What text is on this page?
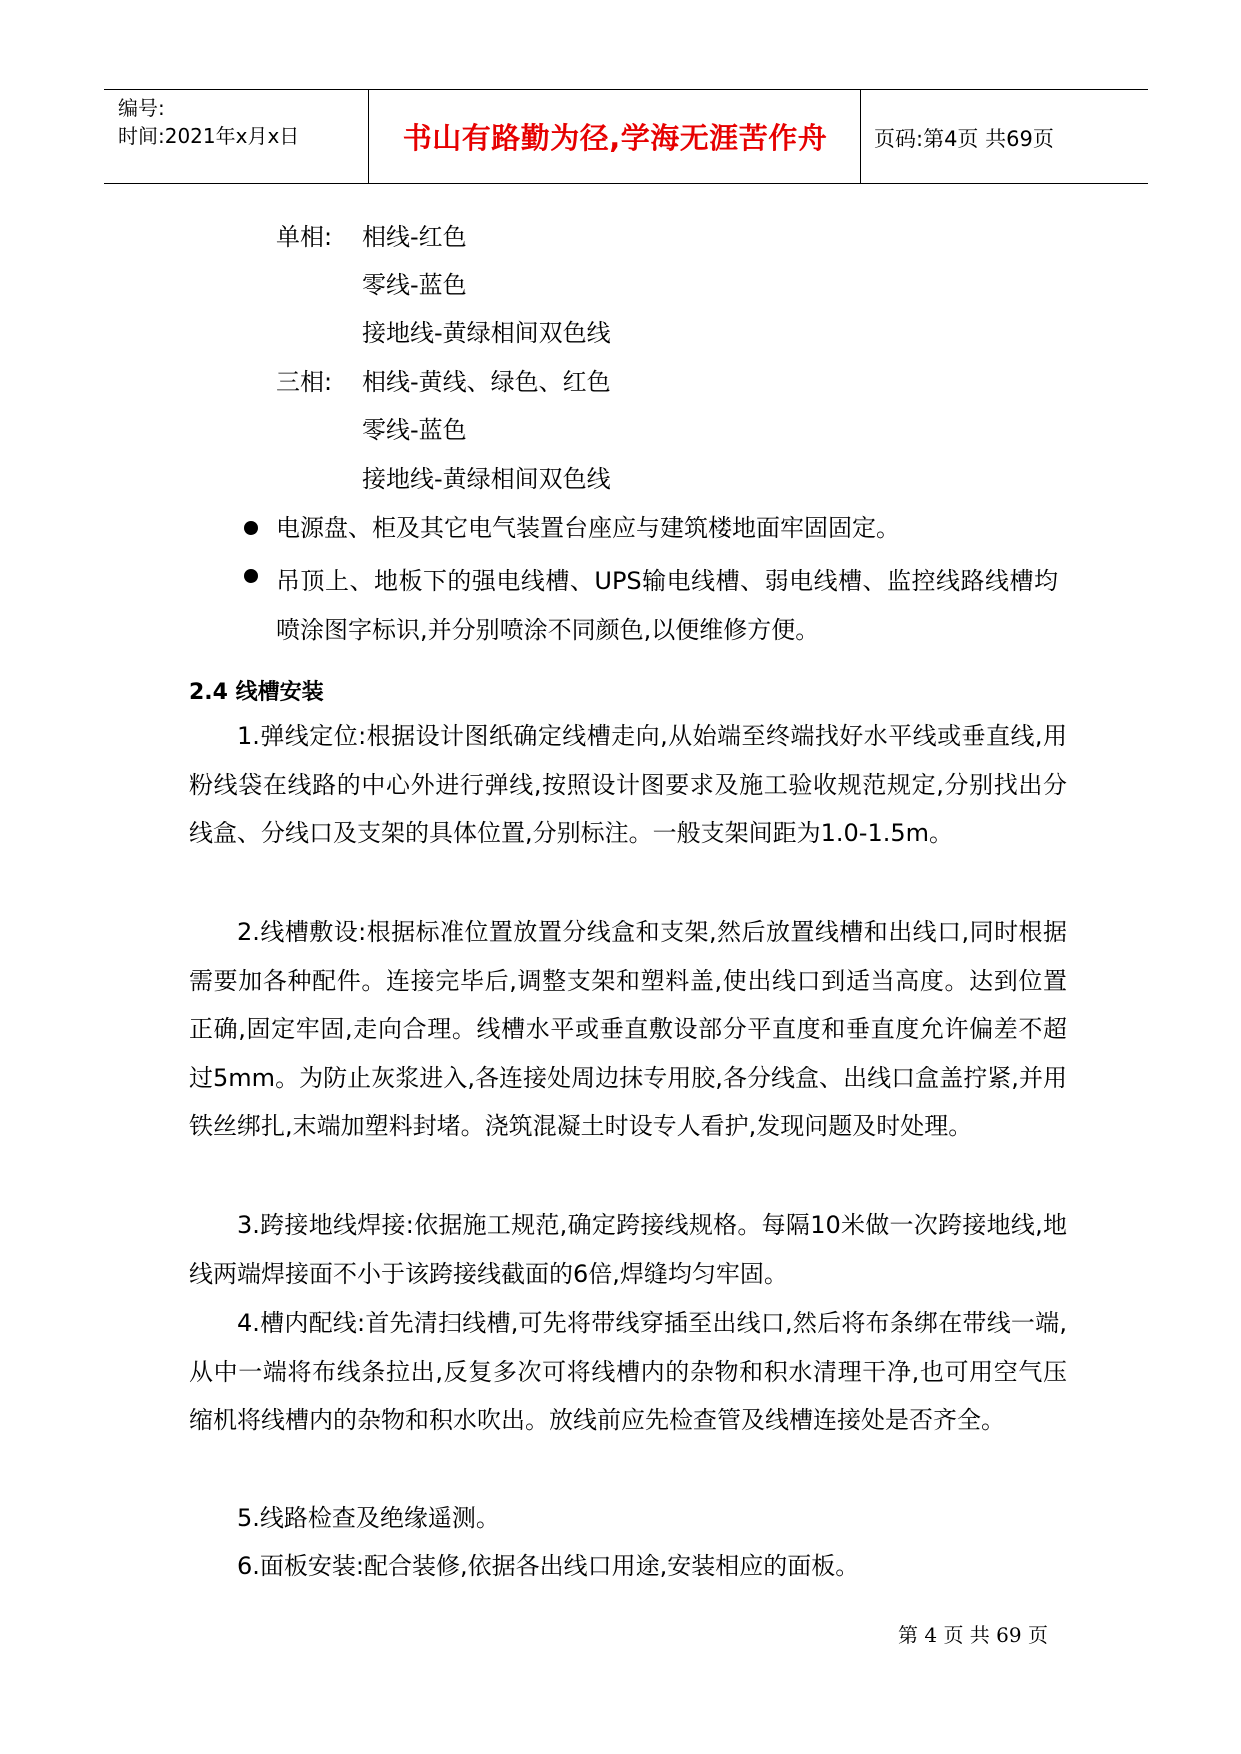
编号:
时间:2021年x月x日	书山有路勤为径,学海无涯苦作舟	页码:第4页 共69页
单相: 相线-红色
零线-蓝色
接地线-黄绿相间双色线
三相: 相线-黄线、绿色、红色
零线-蓝色
接地线-黄绿相间双色线
电源盘、柜及其它电气装置台座应与建筑楼地面牢固固定。
吊顶上、地板下的强电线槽、UPS输电线槽、弱电线槽、监控线路线槽均喷涂图字标识,并分别喷涂不同颜色,以便维修方便。
2.4 线槽安装
1.弹线定位:根据设计图纸确定线槽走向,从始端至终端找好水平线或垂直线,用粉线袋在线路的中心外进行弹线,按照设计图要求及施工验收规范规定,分别找出分线盒、分线口及支架的具体位置,分别标注。一般支架间距为1.0-1.5m。
2.线槽敷设:根据标准位置放置分线盒和支架,然后放置线槽和出线口,同时根据需要加各种配件。连接完毕后,调整支架和塑料盖,使出线口到适当高度。达到位置正确,固定牢固,走向合理。线槽水平或垂直敷设部分平直度和垂直度允许偏差不超过5mm。为防止灰浆进入,各连接处周边抹专用胶,各分线盒、出线口盒盖拧紧,并用铁丝绑扎,末端加塑料封堵。浇筑混凝土时设专人看护,发现问题及时处理。
3.跨接地线焊接:依据施工规范,确定跨接线规格。每隔10米做一次跨接地线,地线两端焊接面不小于该跨接线截面的6倍,焊缝均匀牢固。
4.槽内配线:首先清扫线槽,可先将带线穿插至出线口,然后将布条绑在带线一端,从中一端将布线条拉出,反复多次可将线槽内的杂物和积水清理干净,也可用空气压缩机将线槽内的杂物和积水吹出。放线前应先检查管及线槽连接处是否齐全。
5.线路检查及绝缘遥测。
6.面板安装:配合装修,依据各出线口用途,安装相应的面板。
第 4 页 共 69 页
